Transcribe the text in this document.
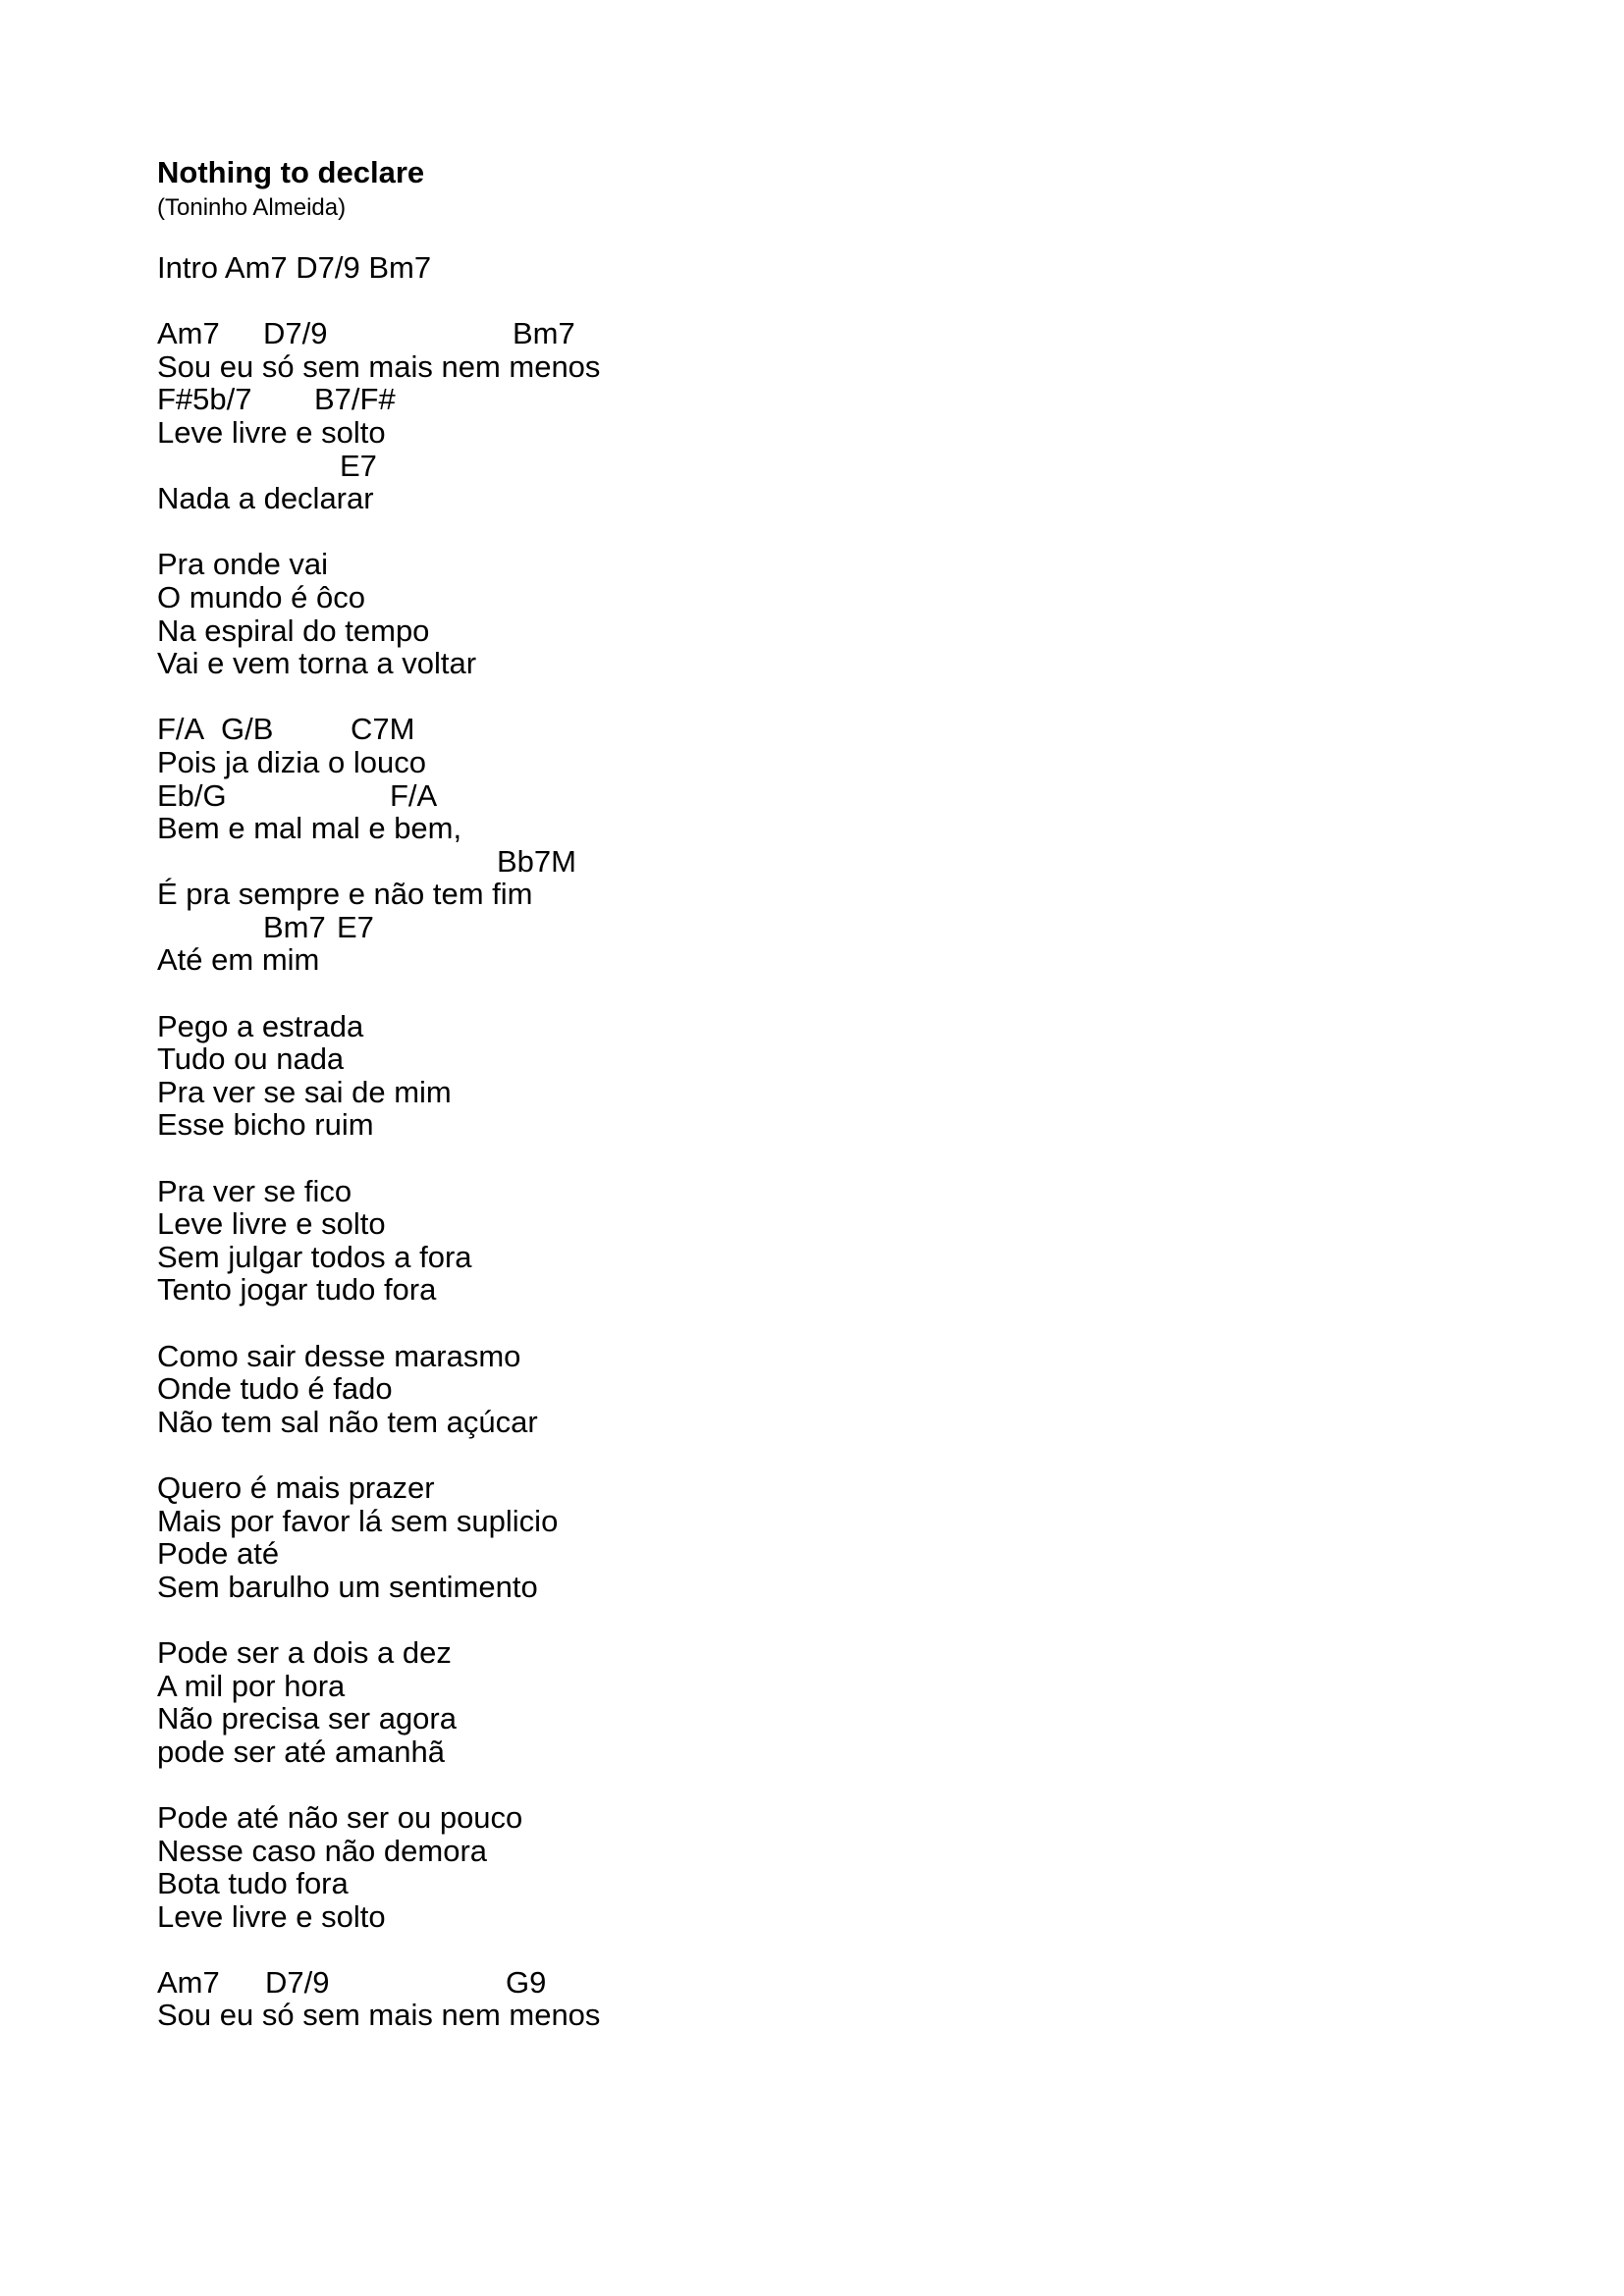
Nothing to declare
(Toninho Almeida)
Intro Am7 D7/9 Bm7
Am7 D7/9	Bm7
Sou eu só sem mais nem menos
F#5b/7 B7/F#
Leve livre e solto
E7
Nada a declarar
Pra onde vai
O mundo é ôco
Na espiral do tempo
Vai e vem torna a voltar
F/A G/B	C7M
Pois ja dizia o louco
Eb/G	F/A
Bem e mal mal e bem,
Bb7M
É pra sempre e não tem fim
Bm7 E7
Até em mim
Pego a estrada
Tudo ou nada
Pra ver se sai de mim
Esse bicho ruim
Pra ver se fico
Leve livre e solto
Sem julgar todos a fora
Tento jogar tudo fora
Como sair desse marasmo
Onde tudo é fado
Não tem sal não tem açúcar
Quero é mais prazer
Mais por favor lá sem suplicio
Pode até
Sem barulho um sentimento
Pode ser a dois a dez
A mil por hora
Não precisa ser agora
pode ser até amanhã
Pode até não ser ou pouco
Nesse caso não demora
Bota tudo fora
Leve livre e solto
Am7 D7/9	G9
Sou eu só sem mais nem menos
